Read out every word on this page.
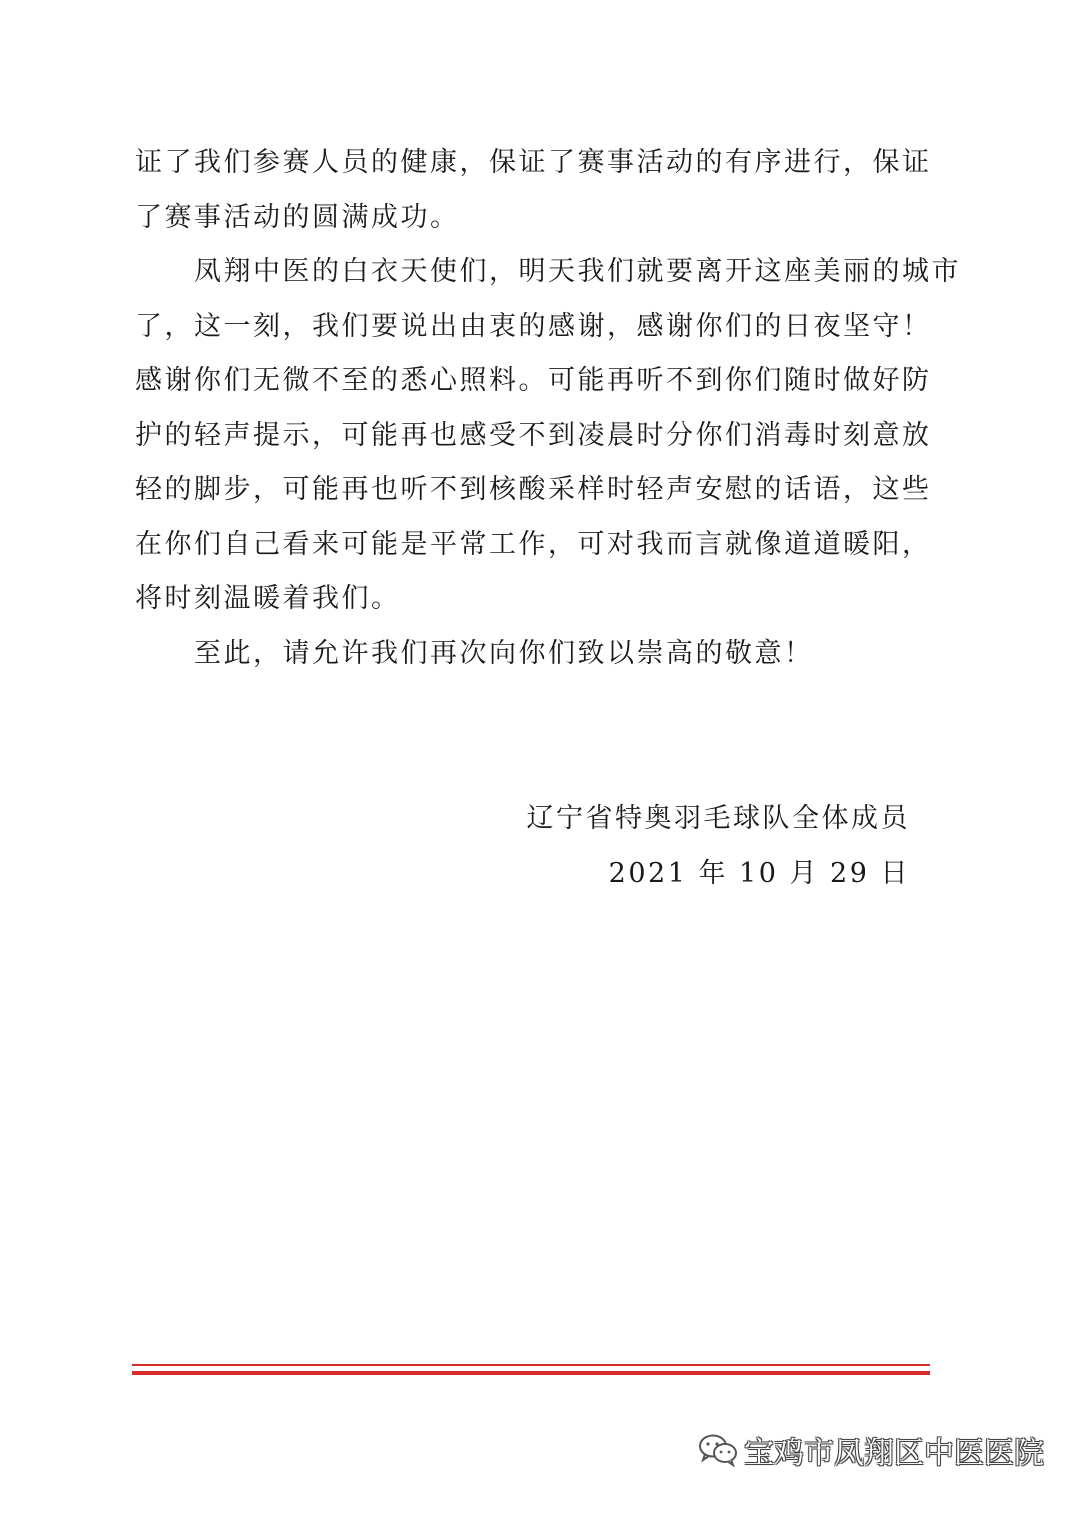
证了我们参赛人员的健康，保证了赛事活动的有序进行，保证
了赛事活动的圆满成功。

　　凤翔中医的白衣天使们，明天我们就要离开这座美丽的城市
了，这一刻，我们要说出由衷的感谢，感谢你们的日夜坚守！
感谢你们无微不至的悉心照料。可能再听不到你们随时做好防
护的轻声提示，可能再也感受不到凌晨时分你们消毒时刻意放
轻的脚步，可能再也听不到核酸采样时轻声安慰的话语，这些
在你们自己看来可能是平常工作，可对我而言就像道道暖阳，
将时刻温暖着我们。

　　至此，请允许我们再次向你们致以崇高的敬意！

辽宁省特奥羽毛球队全体成员
2021 年 10 月 29 日
宝鸡市凤翔区中医医院
